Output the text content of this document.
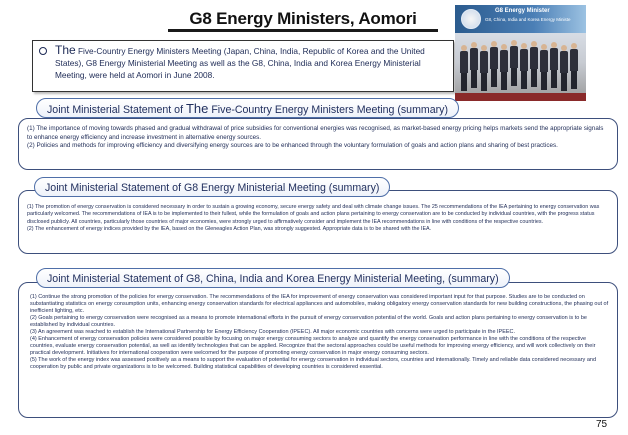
G8 Energy Ministers, Aomori
The Five-Country Energy Ministers Meeting (Japan, China, India, Republic of Korea and the United States), G8 Energy Ministerial Meeting as well as the G8, China, India and Korea Energy Ministerial Meeting, were held at Aomori in June 2008.
G8 Energy Minister
G8, China, India and Korea Energy Ministe
Joint Ministerial Statement of The Five-Country Energy Ministers Meeting (summary)

(1) The importance of moving towards phased and gradual withdrawal of price subsidies for conventional energies was recognised, as market-based energy pricing helps markets send the appropriate signals to enhance energy efficiency and increase investment in alternative energy sources.

(2) Policies and methods for improving efficiency and diversifying energy sources are to be enhanced through the voluntary formulation of goals and action plans and sharing of best practices.

Joint Ministerial Statement of G8 Energy Ministerial Meeting (summary)

(1) The promotion of energy conservation is considered necessary in order to sustain a growing economy, secure energy safety and deal with climate change issues. The 25 recommendations of the IEA pertaining to energy conservation was particularly welcomed. The recommendations of IEA is to be implemented to their fullest, while the formulation of goals and action plans pertaining to energy conservation are to be conducted by individual countries, with the progress status disclosed publicly. All countries, particularly those countries of major economies, were strongly urged to affirmatively consider and implement the IEA recommendations in line with conditions of the respective countries.

(2) The enhancement of energy indices provided by the IEA, based on the Gleneagles Action Plan, was strongly suggested. Appropriate data is to be shared with the IEA.

Joint Ministerial Statement of G8, China, India and Korea Energy Ministerial Meeting, (summary)

(1) Continue the strong promotion of the policies for energy conservation. The recommendations of the IEA for improvement of energy conservation was considered important input for that purpose. Studies are to be conducted on substantiating statistics on energy consumption units, enhancing energy conservation standards for electrical appliances and automobiles, making obligatory energy conservation standards for new building constructions, the phasing out of inefficient lighting, etc.

(2) Goals pertaining to energy conservation were recognised as a means to promote international efforts in the pursuit of energy conservation potential of the world. Goals and action plans pertaining to energy conservation is to be established by individual countries.

(3) An agreement was reached to establish the International Partnership for Energy Efficiency Cooperation (IPEEC). All major economic countries with concerns were urged to participate in the IPEEC.

(4) Enhancement of energy conservation policies were considered possible by focusing on major energy consuming sectors to analyze and quantify the energy conservation performance in line with the conditions of the respective countries, evaluate energy conservation potential, as well as identify technologies that can be applied. Recognize that the sectoral approaches could be useful methods for improving energy efficiency, and will work collectively on their practical development. Initiatives for international cooperation were welcomed for the purpose of promoting energy conservation in major energy consuming sectors.

(5) The work of the energy index was assessed positively as a means to support the evaluation of potential for energy conservation in individual sectors, countries and internationally. Timely and reliable data considered necessary and cooperation by public and private organizations is to be welcomed. Building statistical capabilities of developing countries is considered essential.

75
